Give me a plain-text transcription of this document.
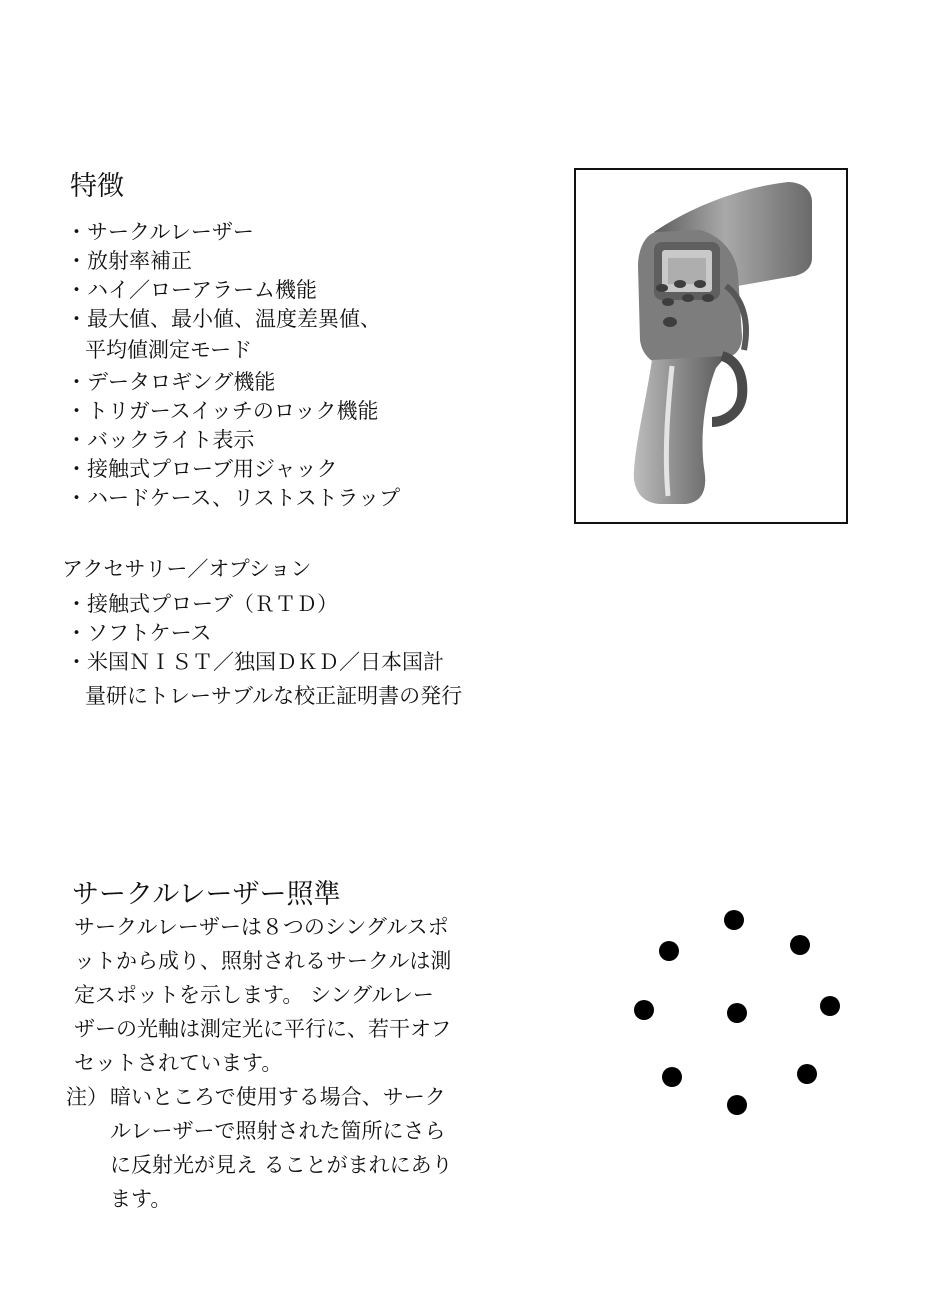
特徴
・サークルレーザー
・放射率補正
・ハイ／ローアラーム機能
・最大値、最小値、温度差異値、
平均値測定モード
・データロギング機能
・トリガースイッチのロック機能
・バックライト表示
・接触式プローブ用ジャック
・ハードケース、リストストラップ
アクセサリー／オプション
・接触式プローブ（ＲＴＤ）
・ソフトケース
・米国ＮＩＳＴ／独国ＤＫＤ／日本国計
量研にトレーサブルな校正証明書の発行
サークルレーザー照準
サークルレーザーは８つのシングルスポ
ットから成り、照射されるサークルは測
定スポットを示します。 シングルレー
ザーの光軸は測定光に平行に、若干オフ
セットされています。
注） 暗いところで使用する場合、サーク
ルレーザーで照射された箇所にさら
に反射光が見え ることがまれにあり
ます。
